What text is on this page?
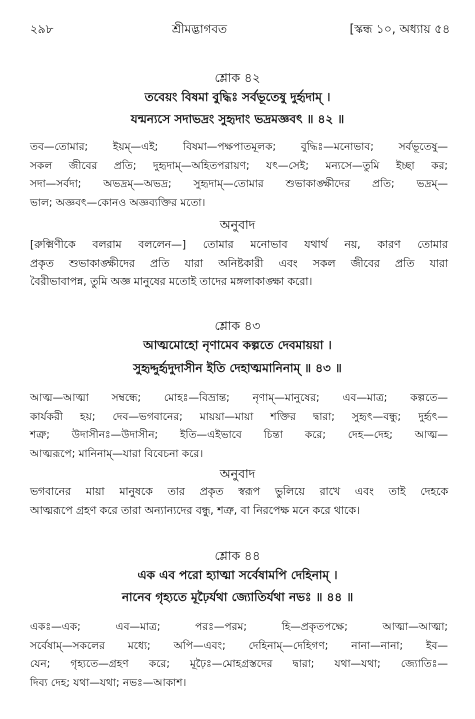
২৯৮	শ্রীমদ্ভাগবত	[স্কন্ধ ১০, অধ্যায় ৫৪
শ্লোক ৪২
তবেয়ং বিষমা বুদ্ধিঃ সর্বভূতেষু দুর্হৃদাম্ ।
যন্মন্যসে সদাভদ্রং সুহৃদাং ভদ্রমজ্ঞবৎ ॥ ৪২ ॥
তব—তোমার; ইয়ম্—এই; বিষমা—পক্ষপাতমূলক; বুদ্ধিঃ—মনোভাব; সর্বভূতেষু—
সকল জীবের প্রতি; দুহৃদাম্—অহিতপরায়ণ; যৎ—সেই; মন্যসে—তুমি ইচ্ছা কর;
সদা—সর্বদা; অভদ্রম্—অভদ্র; সুহৃদাম্—তোমার শুভাকাঙ্ক্ষীদের প্রতি; ভদ্রম্—
ভাল; অজ্ঞবৎ—কোনও অজ্ঞব্যক্তির মতো।
অনুবাদ
[রুক্মিণীকে বলরাম বললেন—] তোমার মনোভাব যথার্থ নয়, কারণ তোমার
প্রকৃত শুভাকাঙ্ক্ষীদের প্রতি যারা অনিষ্টকারী এবং সকল জীবের প্রতি যারা
বৈরীভাবাপন্ন, তুমি অজ্ঞ মানুষের মতোই তাদের মঙ্গলাকাঙ্ক্ষা করো।
শ্লোক ৪৩
আত্মমোহো নৃণামেব কল্পতে দেবমায়য়া ।
সুহৃদ্দুর্হৃদুদাসীন ইতি দেহাত্মমানিনাম্ ॥ ৪৩ ॥
আত্ম—আত্মা সম্বন্ধে; মোহঃ—বিভ্রান্ত; নৃণাম্—মানুষের; এব—মাত্র; কল্পতে—
কার্যকরী হয়; দেব—ভগবানের; মায়য়া—মায়া শক্তির দ্বারা; সুহৃৎ—বন্ধু; দুর্হৃৎ—
শত্রু; উদাসীনঃ—উদাসীন; ইতি—এইভাবে চিন্তা করে; দেহ—দেহ; আত্ম—
আত্মরূপে; মানিনাম্—যারা বিবেচনা করে।
অনুবাদ
ভগবানের মায়া মানুষকে তার প্রকৃত স্বরূপ ভুলিয়ে রাখে এবং তাই দেহকে
আত্মরূপে গ্রহণ করে তারা অন্যান্যদের বন্ধু, শত্রু, বা নিরপেক্ষ মনে করে থাকে।
শ্লোক ৪৪
এক এব পরো হ্যাত্মা সর্বেষামপি দেহিনাম্ ।
নানেব গৃহ্যতে মূঢ়ৈর্যথা জ্যোতির্যথা নভঃ ॥ ৪৪ ॥
একঃ—এক; এব—মাত্র; পরঃ—পরম; হি—প্রকৃতপক্ষে; আত্মা—আত্মা;
সর্বেষাম্—সকলের মধ্যে; অপি—এবং; দেহিনাম্—দেহিগণ; নানা—নানা; ইব—
যেন; গৃহ্যতে—গ্রহণ করে; মূঢ়ৈঃ—মোহগ্রস্তদের দ্বারা; যথা—যথা; জ্যোতিঃ—
দিব্য দেহ; যথা—যথা; নভঃ—আকাশ।
